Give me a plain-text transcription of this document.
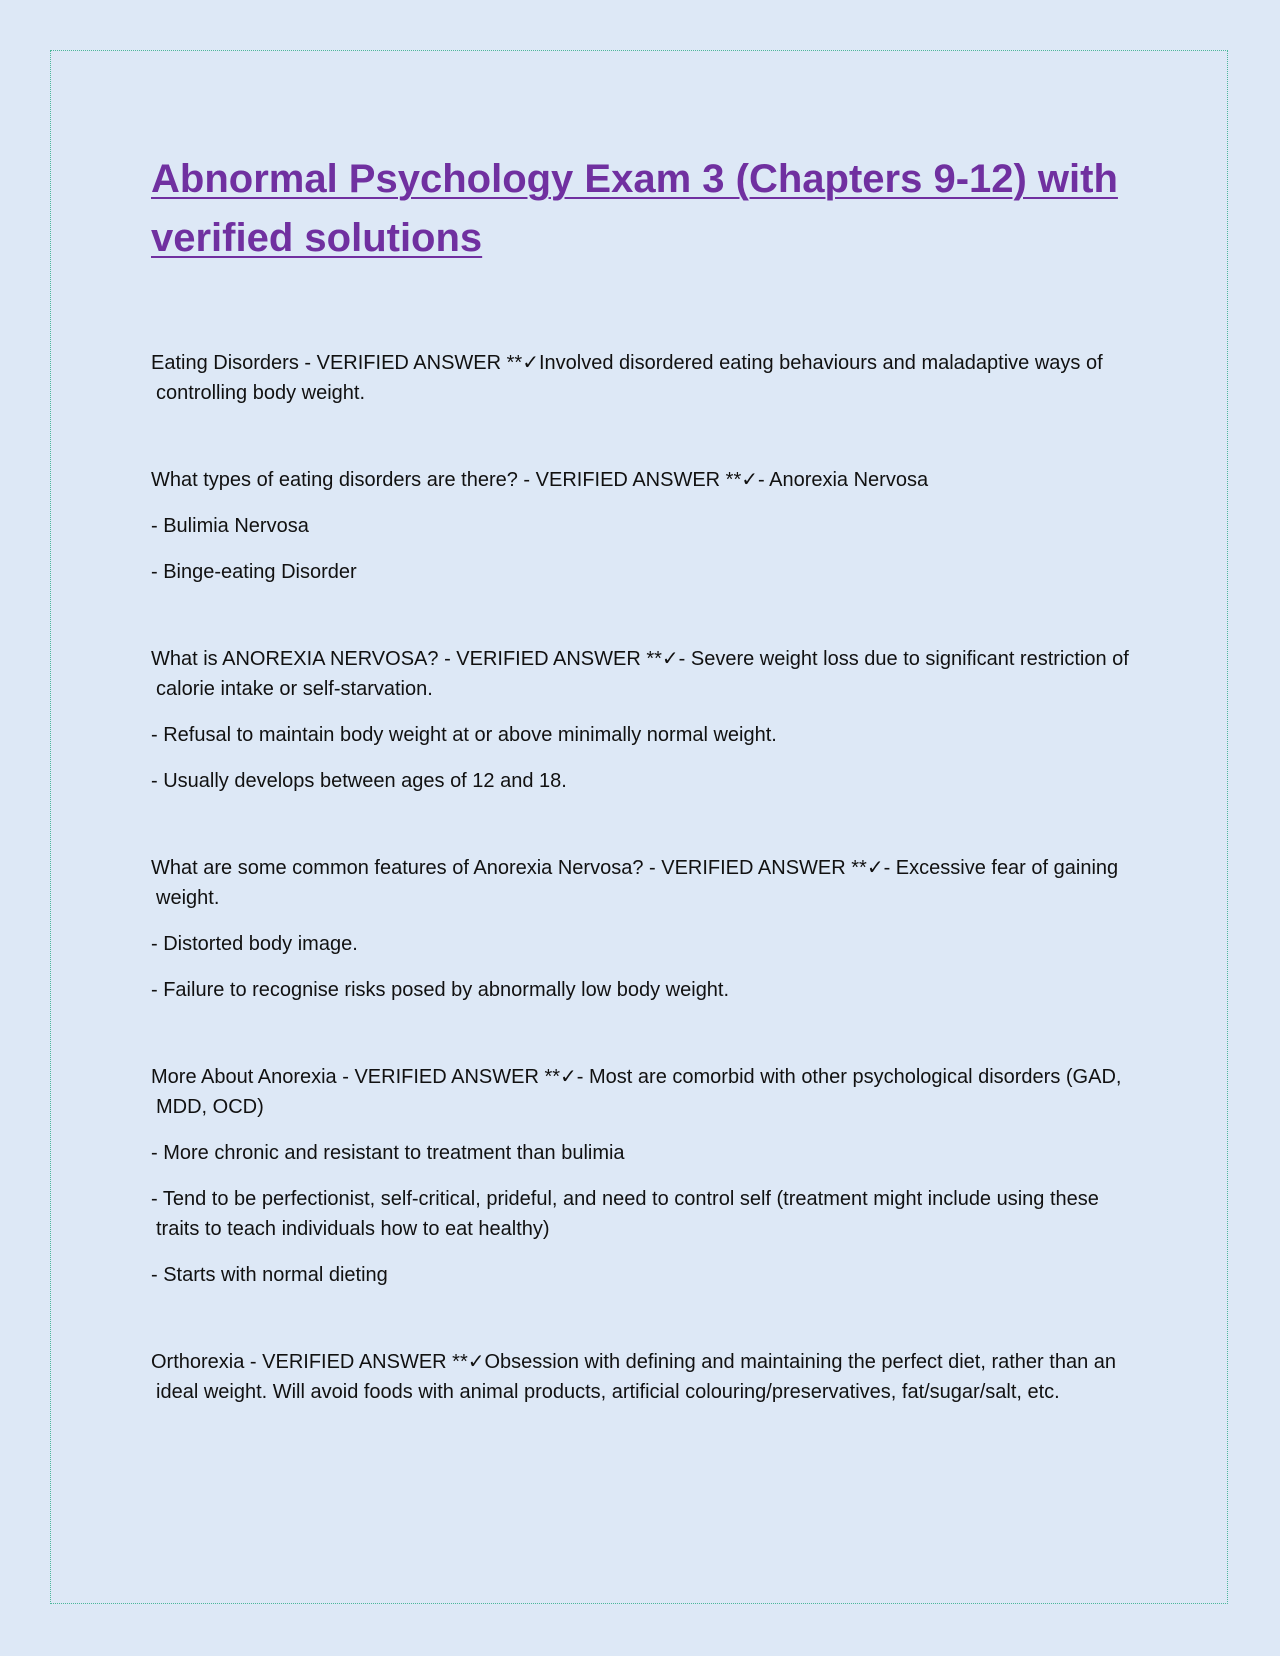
Abnormal Psychology Exam 3 (Chapters 9-12) with verified solutions

Eating Disorders - VERIFIED ANSWER **✓Involved disordered eating behaviours and maladaptive ways of controlling body weight.

What types of eating disorders are there? - VERIFIED ANSWER **✓- Anorexia Nervosa

- Bulimia Nervosa

- Binge-eating Disorder

What is ANOREXIA NERVOSA? - VERIFIED ANSWER **✓- Severe weight loss due to significant restriction of calorie intake or self-starvation.

- Refusal to maintain body weight at or above minimally normal weight.

- Usually develops between ages of 12 and 18.

What are some common features of Anorexia Nervosa? - VERIFIED ANSWER **✓- Excessive fear of gaining weight.

- Distorted body image.

- Failure to recognise risks posed by abnormally low body weight.

More About Anorexia - VERIFIED ANSWER **✓- Most are comorbid with other psychological disorders (GAD, MDD, OCD)

- More chronic and resistant to treatment than bulimia

- Tend to be perfectionist, self-critical, prideful, and need to control self (treatment might include using these traits to teach individuals how to eat healthy)

- Starts with normal dieting

Orthorexia - VERIFIED ANSWER **✓Obsession with defining and maintaining the perfect diet, rather than an ideal weight. Will avoid foods with animal products, artificial colouring/preservatives, fat/sugar/salt, etc.
